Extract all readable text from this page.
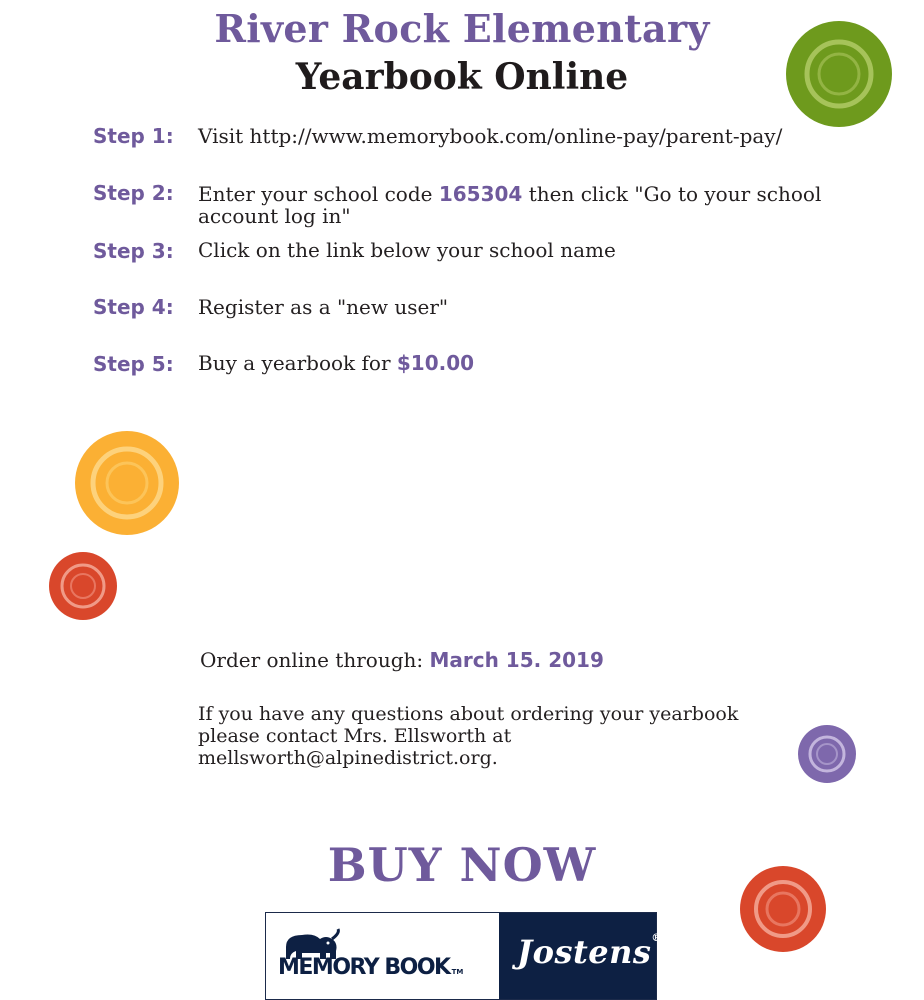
River Rock Elementary
Yearbook Online
Step 1: Visit http://www.memorybook.com/online-pay/parent-pay/
Step 2: Enter your school code 165304 then click "Go to your school account log in"
Step 3: Click on the link below your school name
Step 4: Register as a "new user"
Step 5: Buy a yearbook for $10.00
Order online through: March 15. 2019
If you have any questions about ordering your yearbook
please contact Mrs. Ellsworth at
mellsworth@alpinedistrict.org.
BUY NOW
MEMORY BOOK TM
Jostens®
